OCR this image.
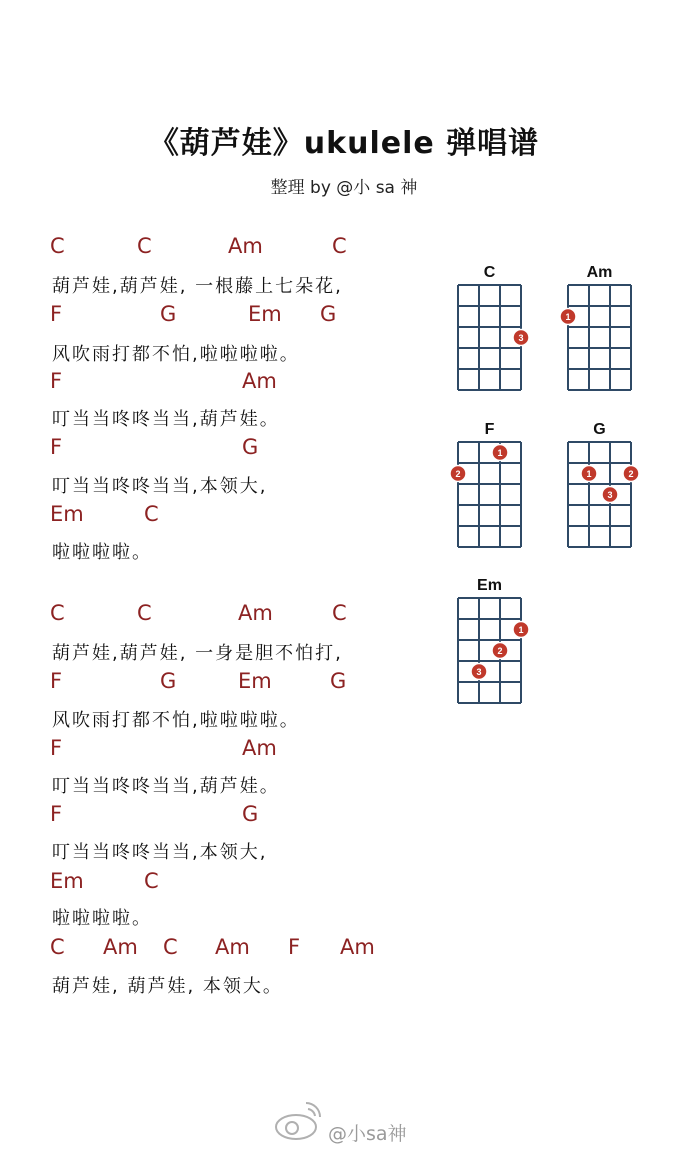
《葫芦娃》ukulele 弹唱谱
整理 by @小 sa 神
C	C	Am	C
葫芦娃,葫芦娃, 一根藤上七朵花,
F	G	Em G
风吹雨打都不怕,啦啦啦啦。
F	Am
叮当当咚咚当当,葫芦娃。
F	G
叮当当咚咚当当,本领大,
Em	C
啦啦啦啦。
C	C	Am	C
葫芦娃,葫芦娃, 一身是胆不怕打,
F	G	Em	G
风吹雨打都不怕,啦啦啦啦。
F	Am
叮当当咚咚当当,葫芦娃。
F	G
叮当当咚咚当当,本领大,
Em	C
啦啦啦啦。
C Am C Am F Am
葫芦娃, 葫芦娃, 本领大。
C
3
Am
1
F
2
1
G
1	2
3
Em
1
2
3
@小sa神
